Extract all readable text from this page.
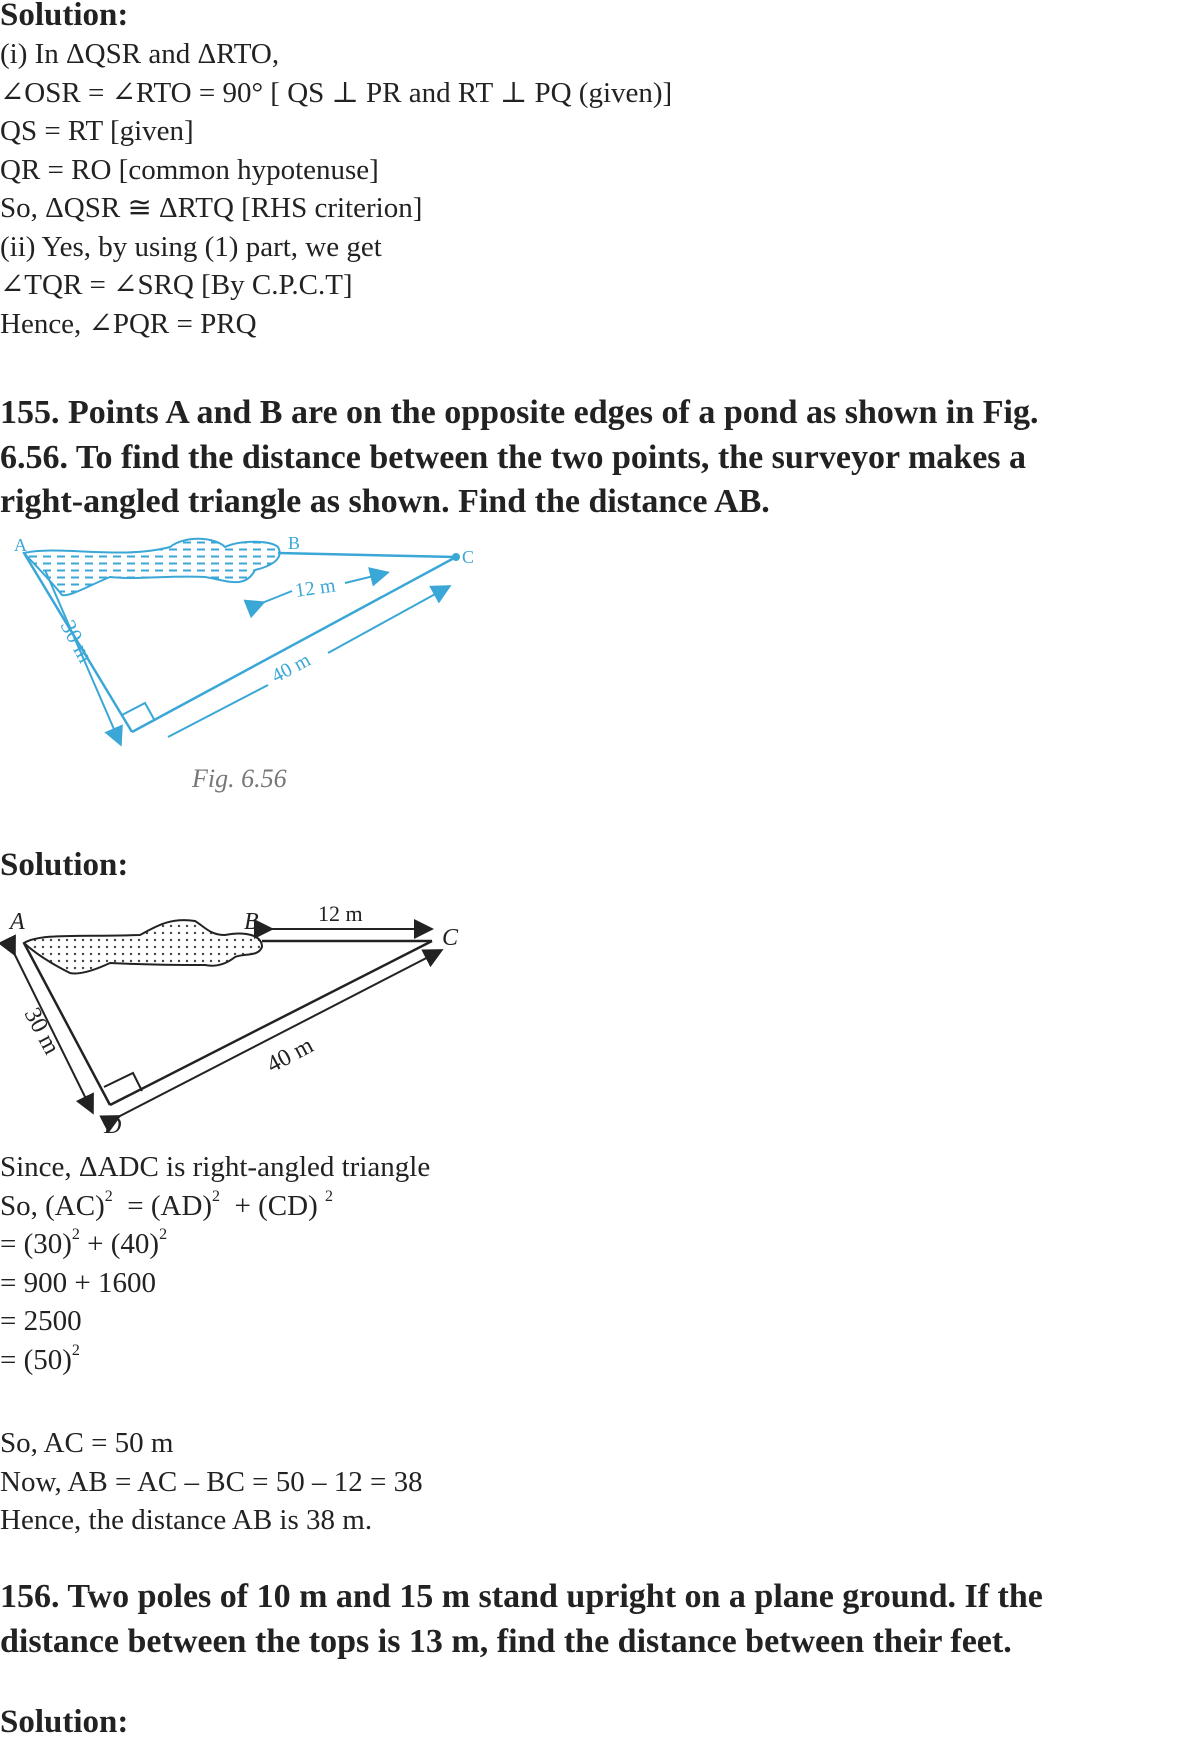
Solution:
(i) In ΔQSR and ΔRTO,
∠OSR = ∠RTO = 90° [ QS ⊥ PR and RT ⊥ PQ (given)]
QS = RT [given]
QR = RO [common hypotenuse]
So, ΔQSR ≅ ΔRTQ [RHS criterion]
(ii) Yes, by using (1) part, we get
∠TQR = ∠SRQ [By C.P.C.T]
Hence, ∠PQR = PRQ
155. Points A and B are on the opposite edges of a pond as shown in Fig.
6.56. To find the distance between the two points, the surveyor makes a
right-angled triangle as shown. Find the distance AB.
A	B
C
12 m
30 m
40 m
Fig. 6.56
Solution:
A	B
C
D
12 m
30 m	40 m
Since, ΔADC is right-angled triangle
So, (AC)$^2$  = (AD)$^2$  + (CD) $^2$
= $(30)^2 + (40)^2$
= 900 + 1600
= 2500
= $(50)^2$
So, AC = 50 m
Now, AB = AC – BC = 50 – 12 = 38
Hence, the distance AB is 38 m.
156. Two poles of 10 m and 15 m stand upright on a plane ground. If the
distance between the tops is 13 m, find the distance between their feet.
Solution:
